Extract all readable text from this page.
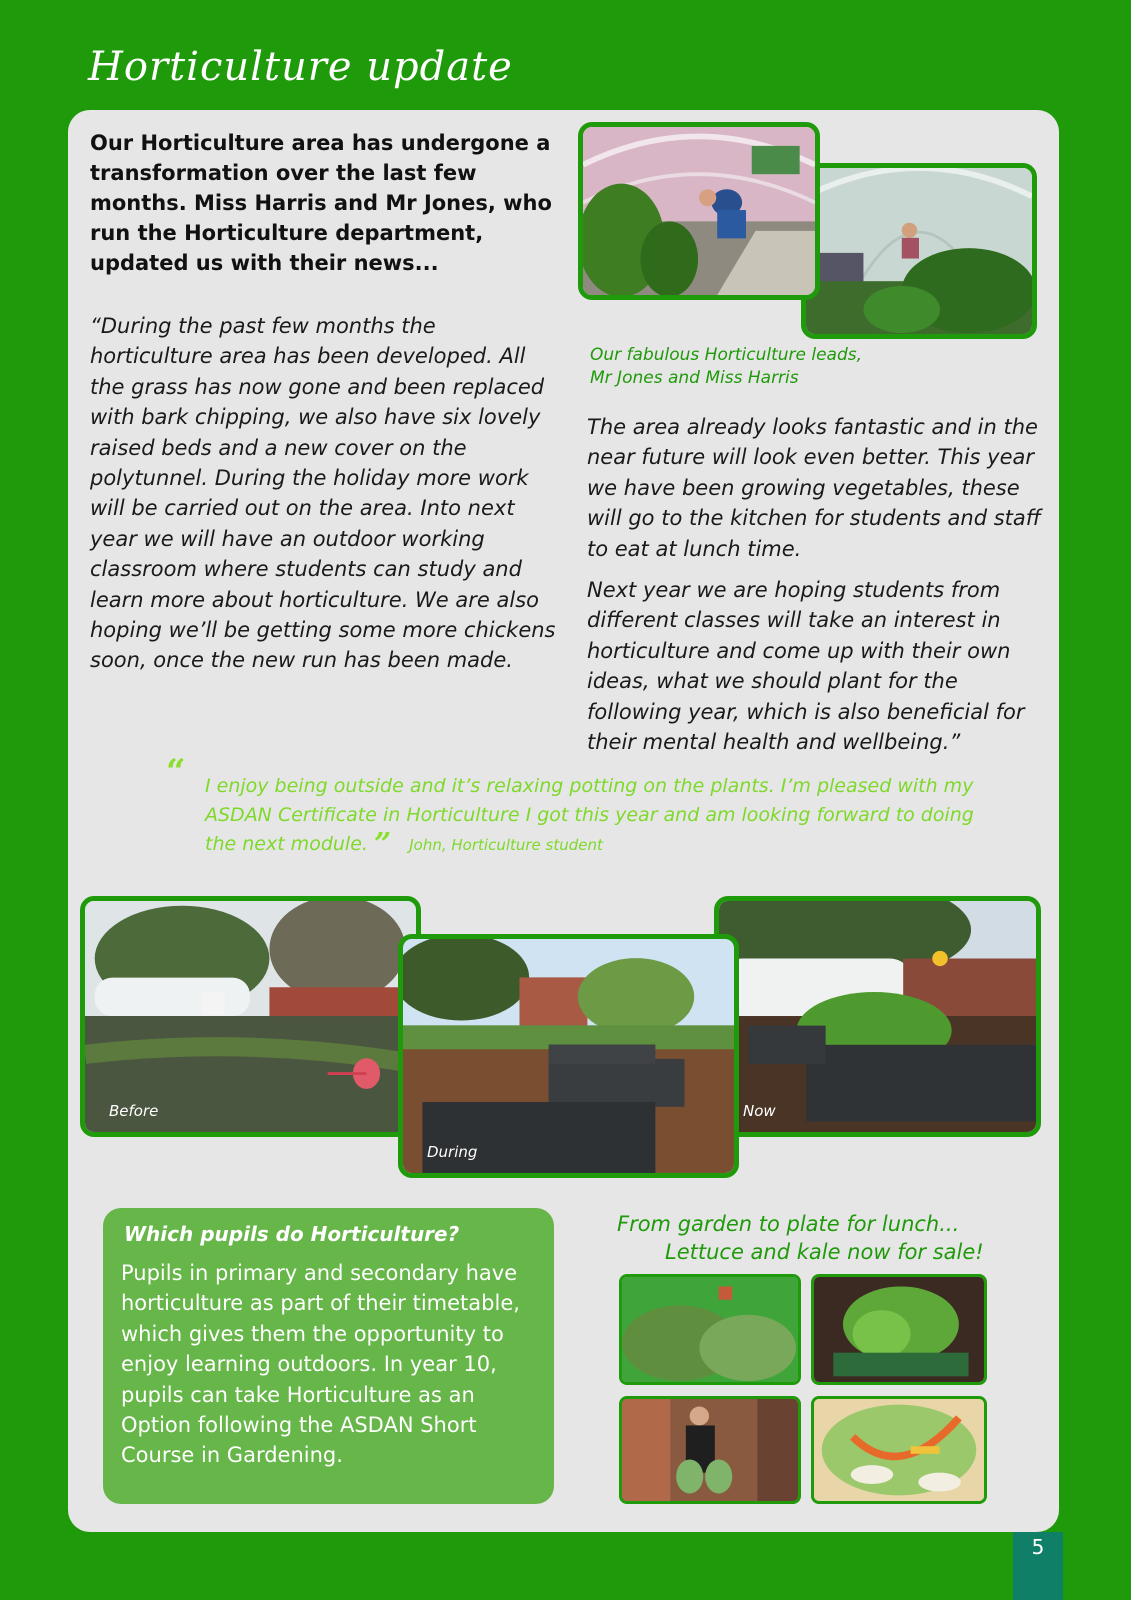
Horticulture update

Our Horticulture area has undergone a transformation over the last few months. Miss Harris and Mr Jones, who run the Horticulture department, updated us with their news...

“During the past few months the horticulture area has been developed. All the grass has now gone and been replaced with bark chipping, we also have six lovely raised beds and a new cover on the polytunnel. During the holiday more work will be carried out on the area. Into next year we will have an outdoor working classroom where students can study and learn more about horticulture. We are also hoping we’ll be getting some more chickens soon, once the new run has been made.

Our fabulous Horticulture leads,
Mr Jones and Miss Harris

The area already looks fantastic and in the near future will look even better. This year we have been growing vegetables, these will go to the kitchen for students and staff to eat at lunch time.

Next year we are hoping students from different classes will take an interest in horticulture and come up with their own ideas, what we should plant for the following year, which is also beneficial for their mental health and wellbeing.”

“ I enjoy being outside and it’s relaxing potting on the plants. I’m pleased with my ASDAN Certificate in Horticulture I got this year and am looking forward to doing the next module. ” John, Horticulture student

Before
During
Now

Which pupils do Horticulture?

Pupils in primary and secondary have horticulture as part of their timetable, which gives them the opportunity to enjoy learning outdoors. In year 10, pupils can take Horticulture as an Option following the ASDAN Short Course in Gardening.

From garden to plate for lunch...
Lettuce and kale now for sale!

5
